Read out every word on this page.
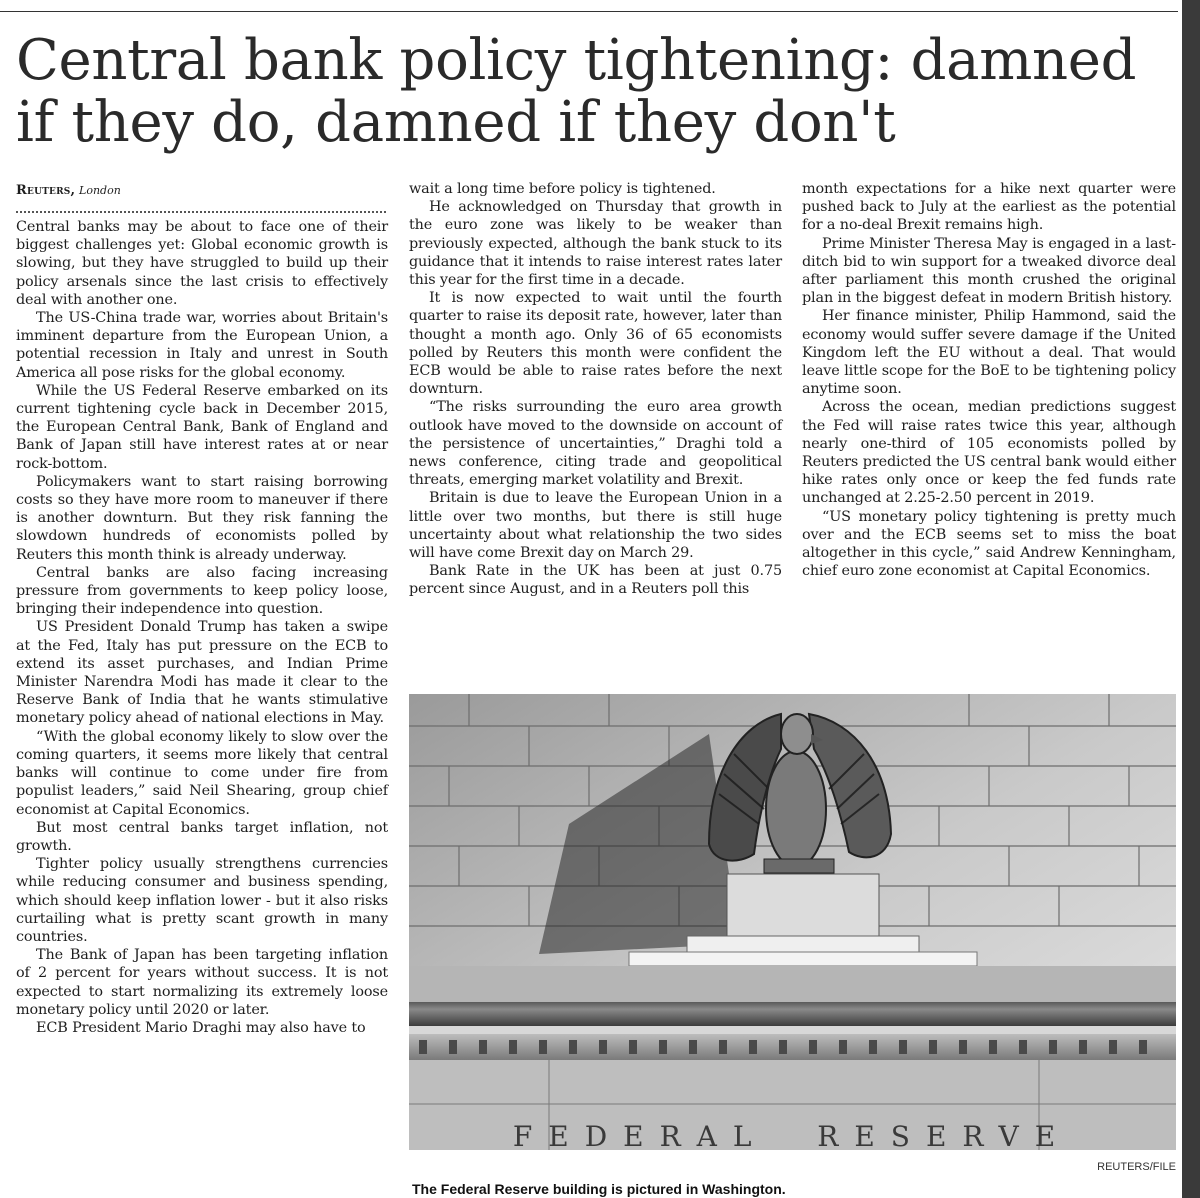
Central bank policy tightening: damned if they do, damned if they don't
Reuters, London

Central banks may be about to face one of their biggest challenges yet: Global economic growth is slowing, but they have struggled to build up their policy arsenals since the last crisis to effectively deal with another one.

The US-China trade war, worries about Britain's imminent departure from the European Union, a potential recession in Italy and unrest in South America all pose risks for the global economy.

While the US Federal Reserve embarked on its current tightening cycle back in December 2015, the European Central Bank, Bank of England and Bank of Japan still have interest rates at or near rock-bottom.

Policymakers want to start raising borrowing costs so they have more room to maneuver if there is another downturn. But they risk fanning the slowdown hundreds of economists polled by Reuters this month think is already underway.

Central banks are also facing increasing pressure from governments to keep policy loose, bringing their independence into question.

US President Donald Trump has taken a swipe at the Fed, Italy has put pressure on the ECB to extend its asset purchases, and Indian Prime Minister Narendra Modi has made it clear to the Reserve Bank of India that he wants stimulative monetary policy ahead of national elections in May.

“With the global economy likely to slow over the coming quarters, it seems more likely that central banks will continue to come under fire from populist leaders,” said Neil Shearing, group chief economist at Capital Economics.

But most central banks target inflation, not growth.

Tighter policy usually strengthens currencies while reducing consumer and business spending, which should keep inflation lower - but it also risks curtailing what is pretty scant growth in many countries.

The Bank of Japan has been targeting inflation of 2 percent for years without success. It is not expected to start normalizing its extremely loose monetary policy until 2020 or later.

ECB President Mario Draghi may also have to

wait a long time before policy is tightened.

He acknowledged on Thursday that growth in the euro zone was likely to be weaker than previously expected, although the bank stuck to its guidance that it intends to raise interest rates later this year for the first time in a decade.

It is now expected to wait until the fourth quarter to raise its deposit rate, however, later than thought a month ago. Only 36 of 65 economists polled by Reuters this month were confident the ECB would be able to raise rates before the next downturn.

“The risks surrounding the euro area growth outlook have moved to the downside on account of the persistence of uncertainties,” Draghi told a news conference, citing trade and geopolitical threats, emerging market volatility and Brexit.

Britain is due to leave the European Union in a little over two months, but there is still huge uncertainty about what relationship the two sides will have come Brexit day on March 29.

Bank Rate in the UK has been at just 0.75 percent since August, and in a Reuters poll this

month expectations for a hike next quarter were pushed back to July at the earliest as the potential for a no-deal Brexit remains high.

Prime Minister Theresa May is engaged in a last-ditch bid to win support for a tweaked divorce deal after parliament this month crushed the original plan in the biggest defeat in modern British history.

Her finance minister, Philip Hammond, said the economy would suffer severe damage if the United Kingdom left the EU without a deal. That would leave little scope for the BoE to be tightening policy anytime soon.

Across the ocean, median predictions suggest the Fed will raise rates twice this year, although nearly one-third of 105 economists polled by Reuters predicted the US central bank would either hike rates only once or keep the fed funds rate unchanged at 2.25-2.50 percent in 2019.

“US monetary policy tightening is pretty much over and the ECB seems set to miss the boat altogether in this cycle,” said Andrew Kenningham, chief euro zone economist at Capital Economics.

FEDERAL  RESERVE
REUTERS/FILE
The Federal Reserve building is pictured in Washington.
